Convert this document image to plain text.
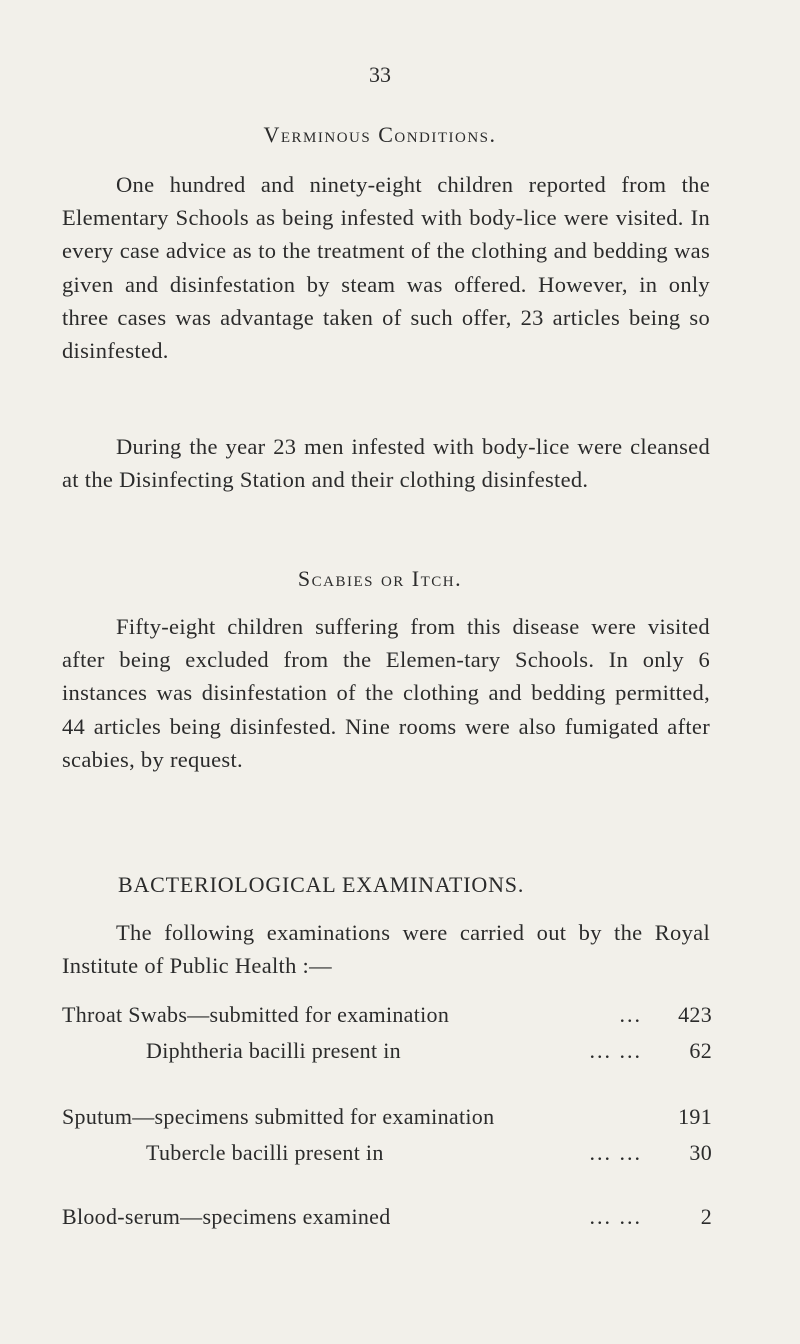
33
Verminous Conditions.

One hundred and ninety-eight children reported from the Elementary Schools as being infested with body-lice were visited. In every case advice as to the treatment of the clothing and bedding was given and disinfestation by steam was offered. However, in only three cases was advantage taken of such offer, 23 articles being so disinfested.

During the year 23 men infested with body-lice were cleansed at the Disinfecting Station and their clothing disinfested.

Scabies or Itch.

Fifty-eight children suffering from this disease were visited after being excluded from the Elemen-tary Schools. In only 6 instances was disinfestation of the clothing and bedding permitted, 44 articles being disinfested. Nine rooms were also fumigated after scabies, by request.

BACTERIOLOGICAL EXAMINATIONS.

The following examinations were carried out by the Royal Institute of Public Health :—

Throat Swabs—submitted for examination	...	423
Diphtheria bacilli present in	... ...	62
Sputum—specimens submitted for examination	191
Tubercle bacilli present in	... ...	30
Blood-serum—specimens examined	... ...	2
